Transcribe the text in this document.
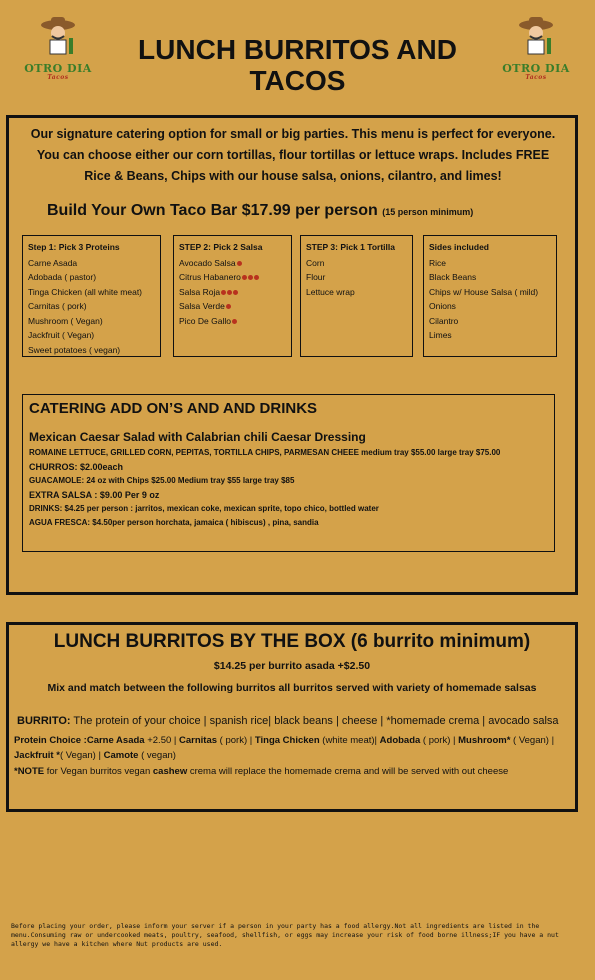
OTRO DIA
Tacos
OTRO DIA
Tacos
LUNCH BURRITOS AND TACOS
Our signature catering option for small or big parties. This menu is perfect for everyone. You can choose either our corn tortillas, flour tortillas or lettuce wraps. Includes FREE Rice & Beans, Chips with our house salsa, onions, cilantro, and limes!
Build Your Own Taco Bar $17.99 per person (15 person minimum)
Step 1: Pick 3 Proteins
Carne Asada
Adobada ( pastor)
Tinga Chicken (all white meat)
Carnitas ( pork)
Mushroom ( Vegan)
Jackfruit ( Vegan)
Sweet potatoes ( vegan)
STEP 2: Pick 2 Salsa
Avocado Salsa
Citrus Habanero
Salsa Roja
Salsa Verde
Pico De Gallo
STEP 3: Pick 1 Tortilla
Corn
Flour
Lettuce wrap
Sides included
Rice
Black Beans
Chips w/ House Salsa ( mild)
Onions
Cilantro
Limes
CATERING ADD ON’S AND AND DRINKS
Mexican Caesar Salad with Calabrian chili Caesar Dressing
ROMAINE LETTUCE, GRILLED CORN, PEPITAS, TORTILLA CHIPS, PARMESAN CHEEE medium tray $55.00 large tray $75.00
CHURROS: $2.00each
GUACAMOLE: 24 oz with Chips $25.00 Medium tray $55 large tray $85
EXTRA SALSA : $9.00 Per 9 oz
DRINKS: $4.25 per person : jarritos, mexican coke, mexican sprite, topo chico, bottled water
AGUA FRESCA: $4.50per person horchata, jamaica ( hibiscus) , pina, sandia
LUNCH BURRITOS BY THE BOX (6 burrito minimum)
$14.25 per burrito asada +$2.50
Mix and match between the following burritos all burritos served with variety of homemade salsas
BURRITO: The protein of your choice | spanish rice| black beans | cheese | *homemade crema | avocado salsa
Protein Choice :Carne Asada +2.50 | Carnitas ( pork) | Tinga Chicken (white meat)| Adobada ( pork) | Mushroom* ( Vegan) | Jackfruit *( Vegan) | Camote ( vegan)
*NOTE for Vegan burritos vegan cashew crema will replace the homemade crema and will be served with out cheese
Before placing your order, please inform your server if a person in your party has a food allergy.Not all ingredients are listed in the menu.Consuming raw or undercooked meats, poultry, seafood, shellfish, or eggs may increase your risk of food borne illness;IF you have a nut allergy we have a kitchen where Nut products are used.
